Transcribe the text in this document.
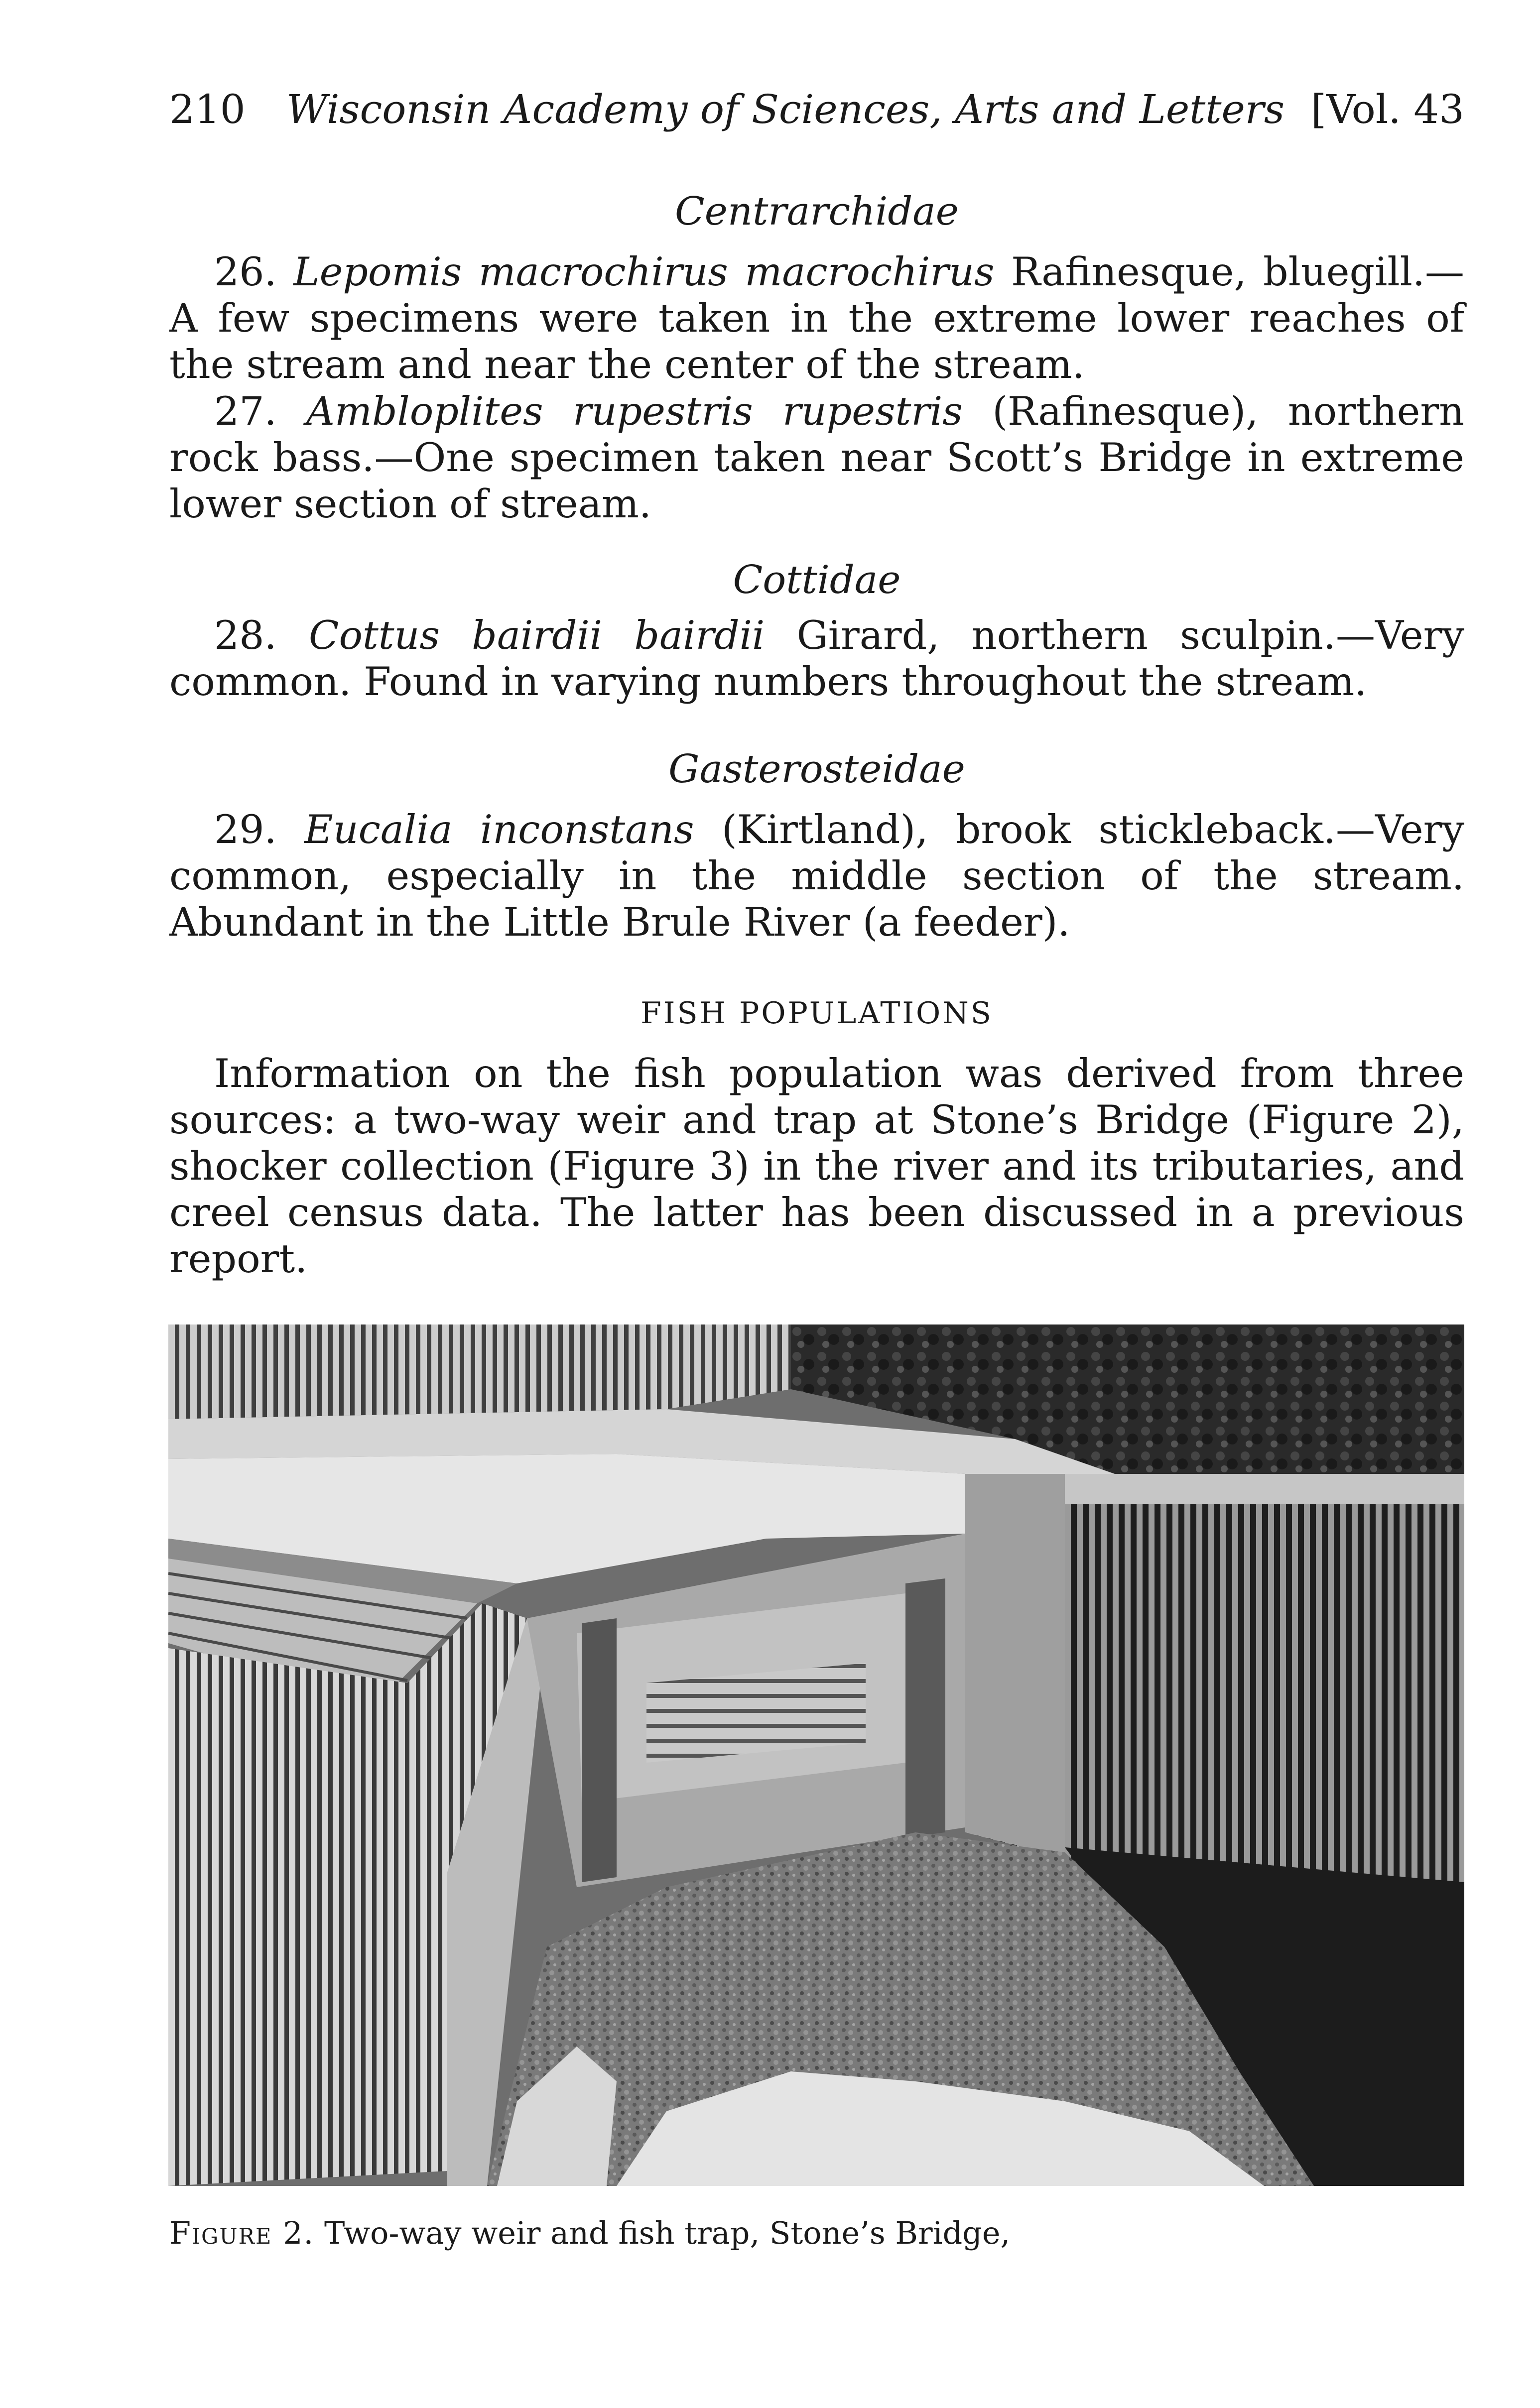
210 Wisconsin Academy of Sciences, Arts and Letters [Vol. 43
Centrarchidae
26. Lepomis macrochirus macrochirus Rafinesque, bluegill.—A few specimens were taken in the extreme lower reaches of the stream and near the center of the stream.
27. Ambloplites rupestris rupestris (Rafinesque), northern rock bass.—One specimen taken near Scott’s Bridge in extreme lower section of stream.
Cottidae
28. Cottus bairdii bairdii Girard, northern sculpin.—Very common. Found in varying numbers throughout the stream.
Gasterosteidae
29. Eucalia inconstans (Kirtland), brook stickleback.—Very common, especially in the middle section of the stream. Abundant in the Little Brule River (a feeder).
FISH POPULATIONS
Information on the fish population was derived from three sources: a two-way weir and trap at Stone’s Bridge (Figure 2), shocker collection (Figure 3) in the river and its tributaries, and creel census data. The latter has been discussed in a previous report.
Figure 2. Two-way weir and fish trap, Stone’s Bridge,
